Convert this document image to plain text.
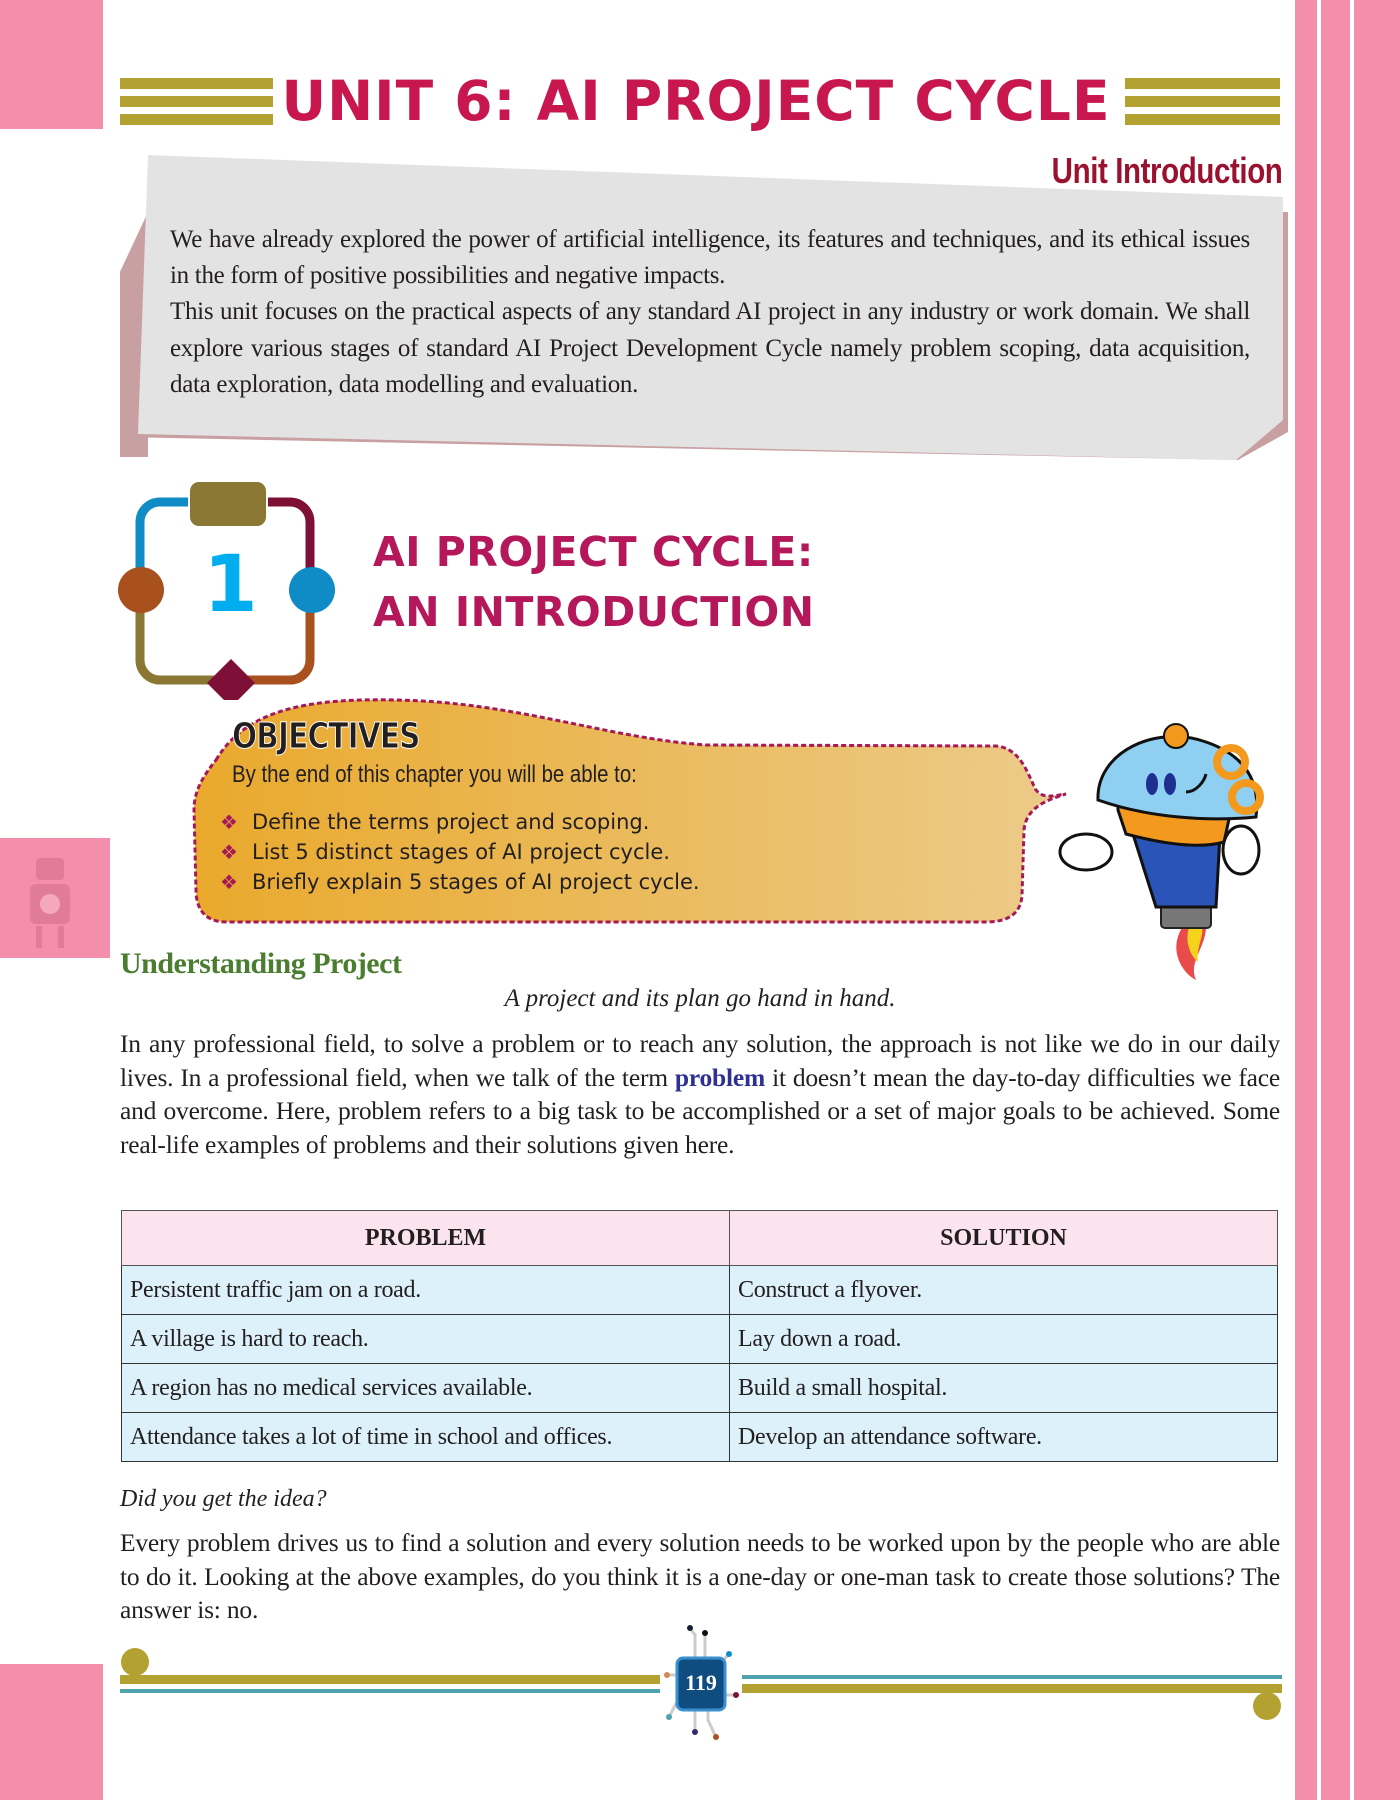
UNIT 6: AI PROJECT CYCLE
Unit Introduction

We have already explored the power of artificial intelligence, its features and techniques, and its ethical issues in the form of positive possibilities and negative impacts.

This unit focuses on the practical aspects of any standard AI project in any industry or work domain. We shall explore various stages of standard AI Project Development Cycle namely problem scoping, data acquisition, data exploration, data modelling and evaluation.

1	AI PROJECT CYCLE:
AN INTRODUCTION
OBJECTIVES
By the end of this chapter you will be able to:
❖ Define the terms project and scoping.
❖ List 5 distinct stages of AI project cycle.
❖ Briefly explain 5 stages of AI project cycle.
Understanding Project
A project and its plan go hand in hand.
In any professional field, to solve a problem or to reach any solution, the approach is not like we do in our daily lives. In a professional field, when we talk of the term problem it doesn’t mean the day-to-day difficulties we face and overcome. Here, problem refers to a big task to be accomplished or a set of major goals to be achieved. Some real-life examples of problems and their solutions given here.
PROBLEM	SOLUTION
Persistent traffic jam on a road.	Construct a flyover.
A village is hard to reach.	Lay down a road.
A region has no medical services available.	Build a small hospital.
Attendance takes a lot of time in school and offices.	Develop an attendance software.
Did you get the idea?
Every problem drives us to find a solution and every solution needs to be worked upon by the people who are able to do it. Looking at the above examples, do you think it is a one-day or one-man task to create those solutions? The answer is: no.
119
